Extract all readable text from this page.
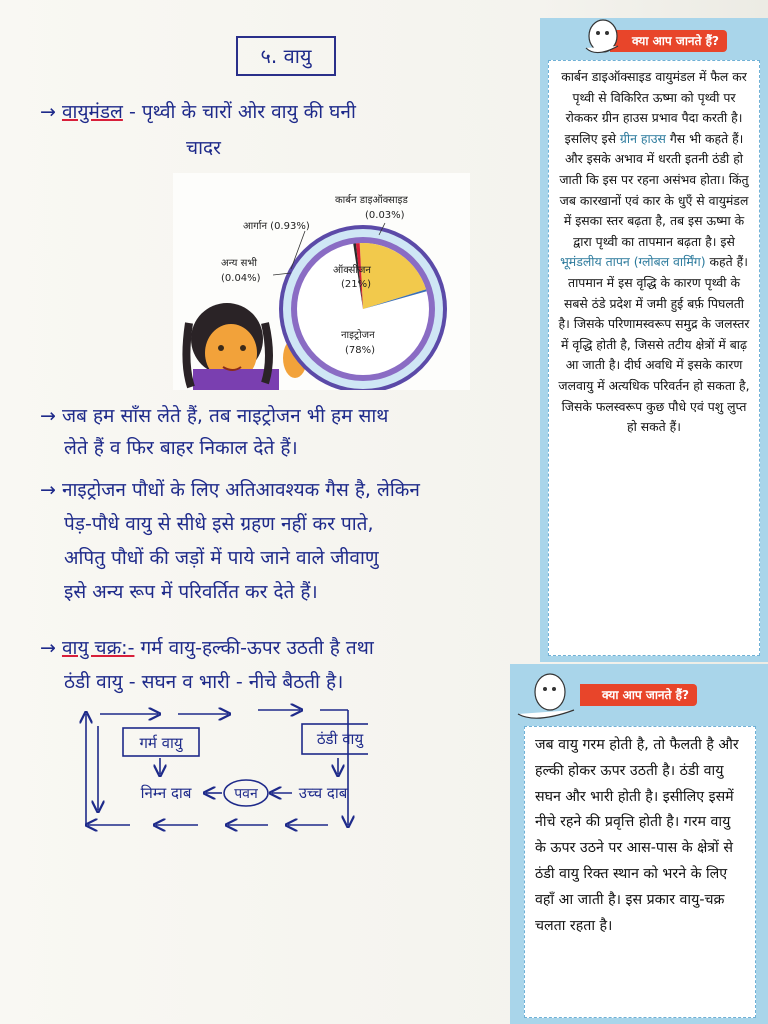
५. वायु
→ वायुमंडल - पृथ्वी के चारों ओर वायु की घनी
चादर
कार्बन डाइऑक्साइड
(0.03%)
आर्गान (0.93%)
अन्य सभी
(0.04%)
ऑक्सीजन
(21%)
नाइट्रोजन
(78%)
→ जब हम साँस लेते हैं, तब नाइट्रोजन भी हम साथ
लेते हैं व फिर बाहर निकाल देते हैं।
→ नाइट्रोजन पौधों के लिए अतिआवश्यक गैस है, लेकिन
पेड़-पौधे वायु से सीधे इसे ग्रहण नहीं कर पाते,
अपितु पौधों की जड़ों में पाये जाने वाले जीवाणु
इसे अन्य रूप में परिवर्तित कर देते हैं।
→ वायु चक्र:- गर्म वायु-हल्की-ऊपर उठती है तथा
ठंडी वायु - सघन व भारी - नीचे बैठती है।
गर्म वायु	ठंडी वायु
निम्न दाब	पवन	उच्च दाब
क्या आप जानते हैं?
कार्बन डाइऑक्साइड वायुमंडल में फैल कर पृथ्वी से विकिरित ऊष्मा को पृथ्वी पर रोककर ग्रीन हाउस प्रभाव पैदा करती है। इसलिए इसे ग्रीन हाउस गैस भी कहते हैं। और इसके अभाव में धरती इतनी ठंडी हो जाती कि इस पर रहना असंभव होता। किंतु जब कारखानों एवं कार के धुएँ से वायुमंडल में इसका स्तर बढ़ता है, तब इस ऊष्मा के द्वारा पृथ्वी का तापमान बढ़ता है। इसे भूमंडलीय तापन (ग्लोबल वार्मिंग) कहते हैं। तापमान में इस वृद्धि के कारण पृथ्वी के सबसे ठंडे प्रदेश में जमी हुई बर्फ़ पिघलती है। जिसके परिणामस्वरूप समुद्र के जलस्तर में वृद्धि होती है, जिससे तटीय क्षेत्रों में बाढ़ आ जाती है। दीर्घ अवधि में इसके कारण जलवायु में अत्यधिक परिवर्तन हो सकता है, जिसके फलस्वरूप कुछ पौधे एवं पशु लुप्त हो सकते हैं।
क्या आप जानते हैं?
जब वायु गरम होती है, तो फैलती है और हल्की होकर ऊपर उठती है। ठंडी वायु सघन और भारी होती है। इसीलिए इसमें नीचे रहने की प्रवृत्ति होती है। गरम वायु के ऊपर उठने पर आस-पास के क्षेत्रों से ठंडी वायु रिक्त स्थान को भरने के लिए वहाँ आ जाती है। इस प्रकार वायु-चक्र चलता रहता है।
